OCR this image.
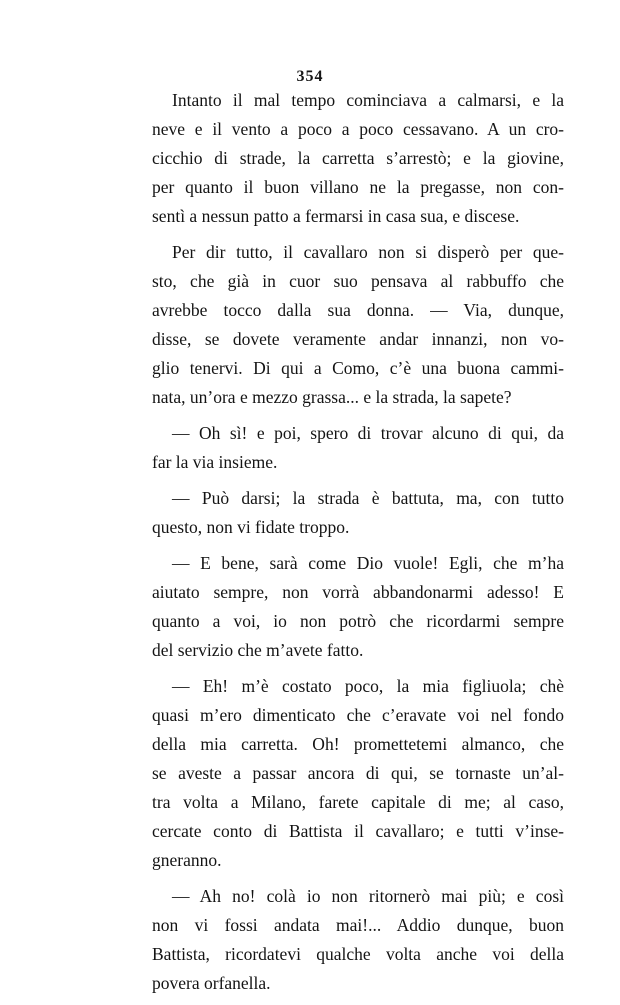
354
Intanto il mal tempo cominciava a calmarsi, e la
neve e il vento a poco a poco cessavano. A un cro-
cicchio di strade, la carretta s’arrestò; e la giovine,
per quanto il buon villano ne la pregasse, non con-
sentì a nessun patto a fermarsi in casa sua, e discese.
Per dir tutto, il cavallaro non si disperò per que-
sto, che già in cuor suo pensava al rabbuffo che
avrebbe tocco dalla sua donna. — Via, dunque,
disse, se dovete veramente andar innanzi, non vo-
glio tenervi. Di qui a Como, c’è una buona cammi-
nata, un’ora e mezzo grassa... e la strada, la sapete?
— Oh sì! e poi, spero di trovar alcuno di qui, da
far la via insieme.
— Può darsi; la strada è battuta, ma, con tutto
questo, non vi fidate troppo.
— E bene, sarà come Dio vuole! Egli, che m’ha
aiutato sempre, non vorrà abbandonarmi adesso! E
quanto a voi, io non potrò che ricordarmi sempre
del servizio che m’avete fatto.
— Eh! m’è costato poco, la mia figliuola; chè
quasi m’ero dimenticato che c’eravate voi nel fondo
della mia carretta. Oh! promettetemi almanco, che
se aveste a passar ancora di qui, se tornaste un’al-
tra volta a Milano, farete capitale di me; al caso,
cercate conto di Battista il cavallaro; e tutti v’inse-
gneranno.
— Ah no! colà io non ritornerò mai più; e così
non vi fossi andata mai!... Addio dunque, buon
Battista, ricordatevi qualche volta anche voi della
povera orfanella.
